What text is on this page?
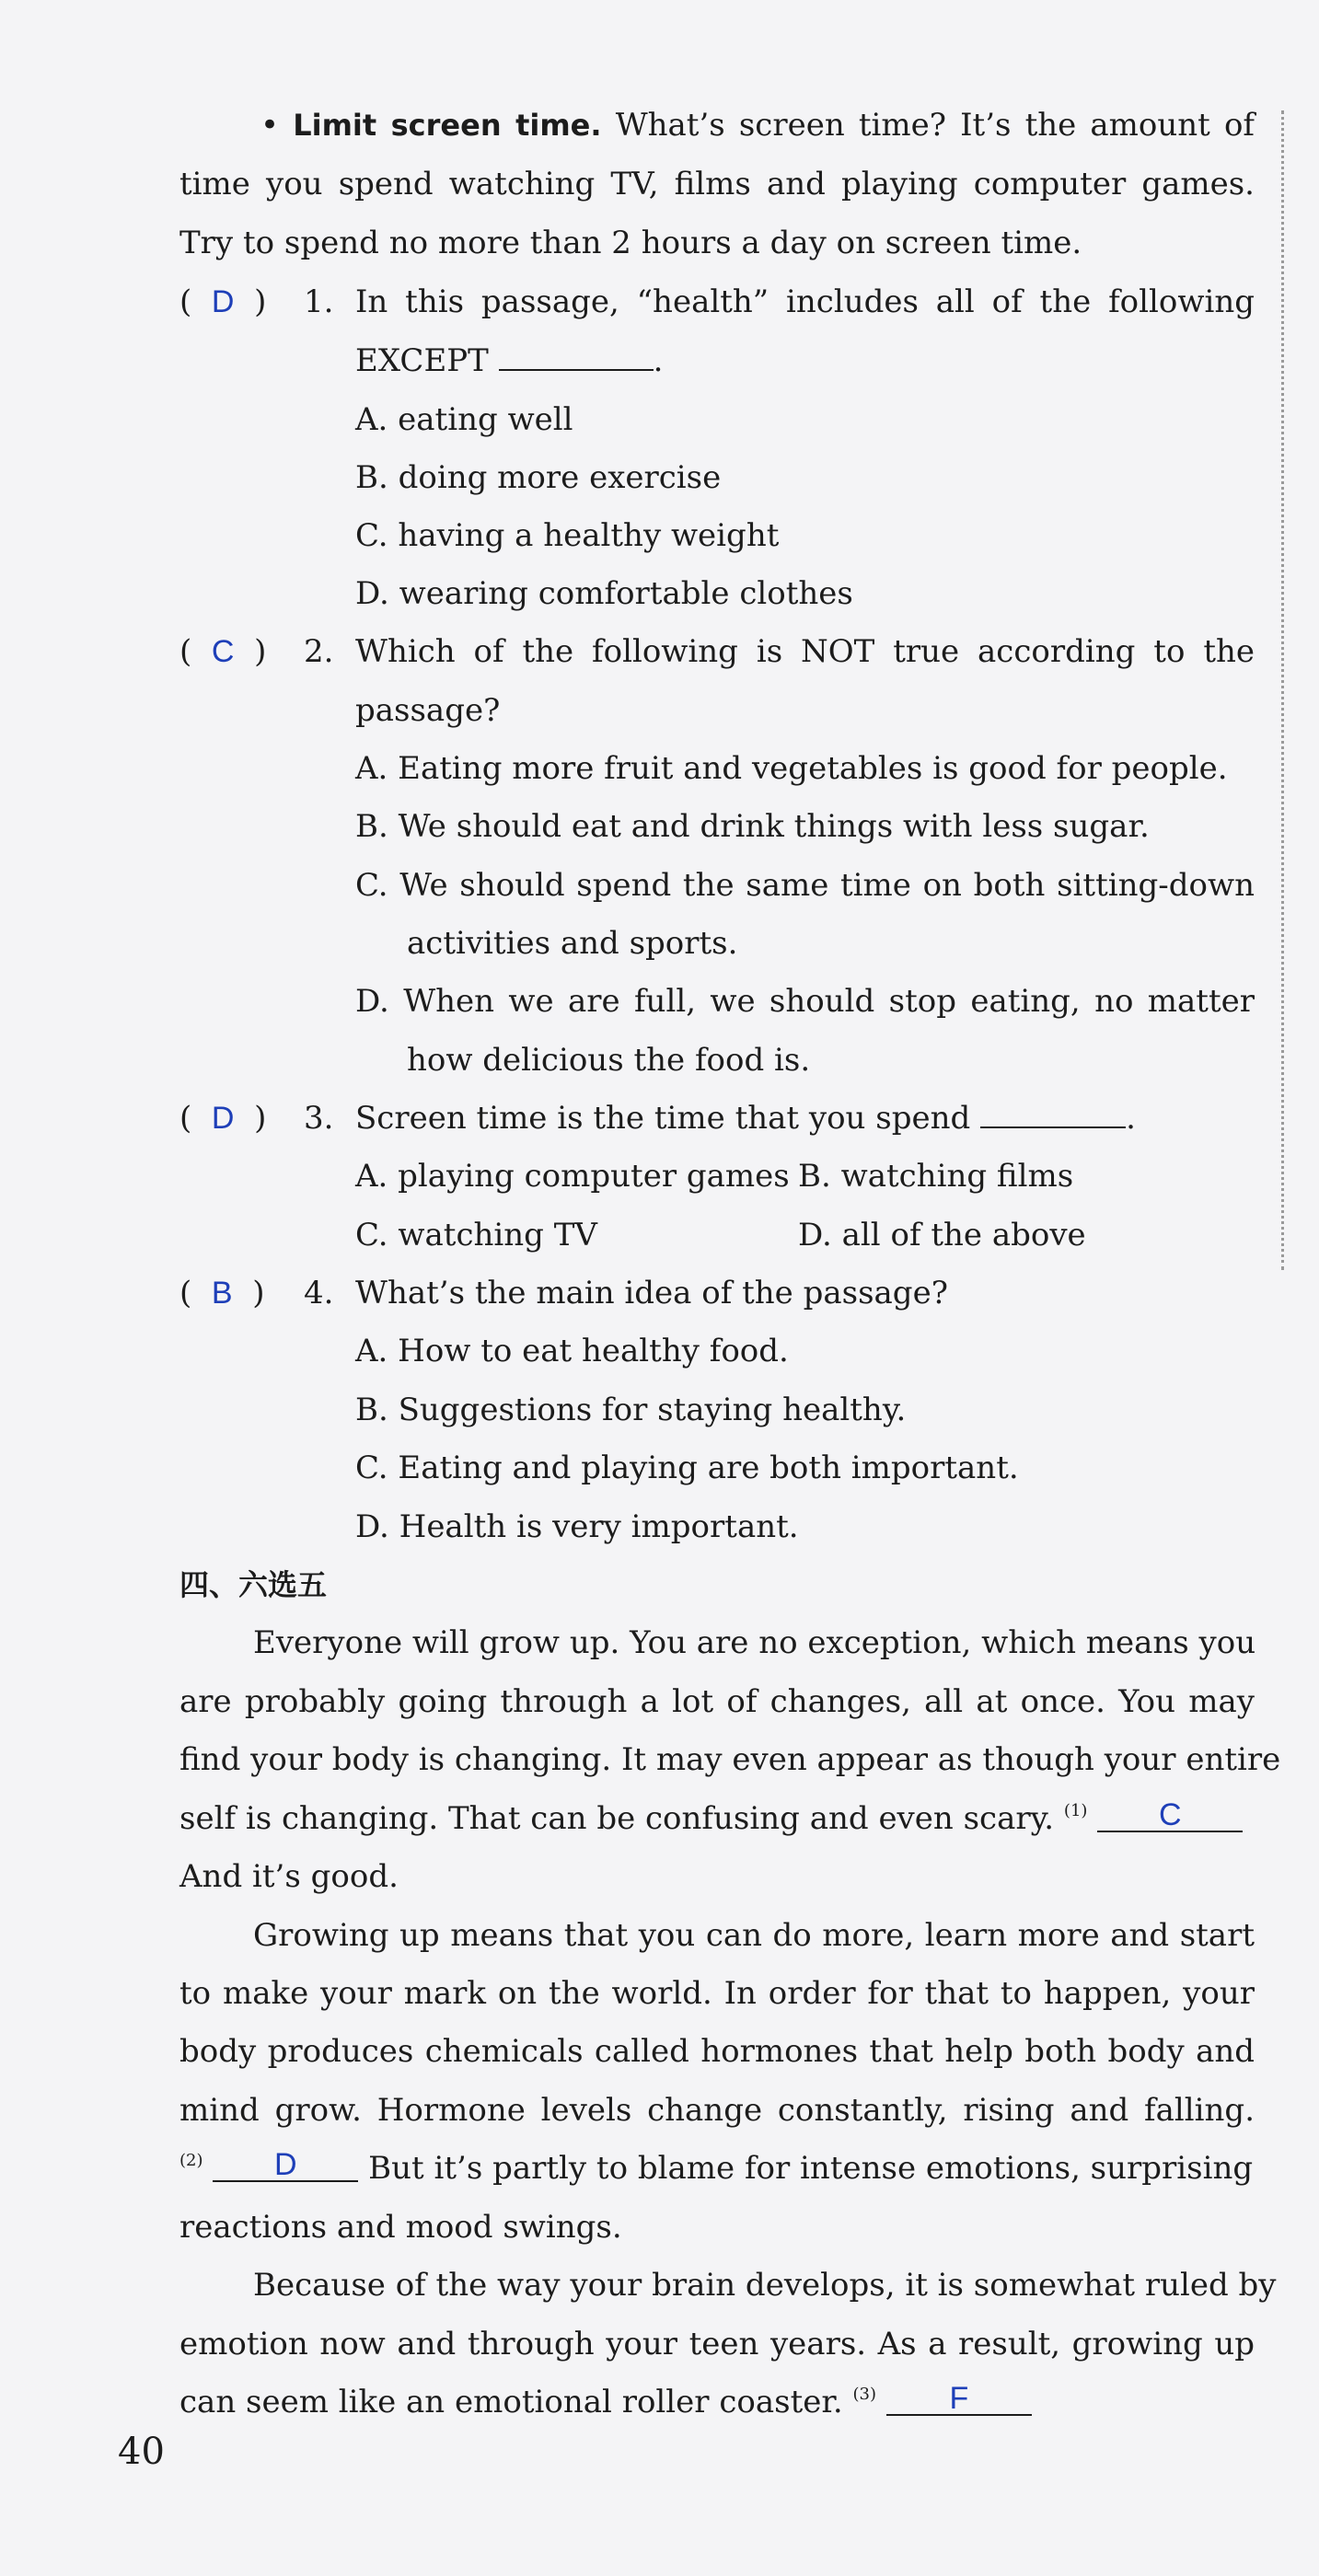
• Limit screen time. What’s screen time? It’s the amount of
time you spend watching TV, films and playing computer games.
Try to spend no more than 2 hours a day on screen time.
( D ) 1. In this passage, “health” includes all of the following
EXCEPT	.
A. eating well
B. doing more exercise
C. having a healthy weight
D. wearing comfortable clothes
( C ) 2. Which of the following is NOT true according to the
passage?
A. Eating more fruit and vegetables is good for people.
B. We should eat and drink things with less sugar.
C. We should spend the same time on both sitting-down
activities and sports.
D. When we are full, we should stop eating, no matter
how delicious the food is.
( D ) 3. Screen time is the time that you spend	.
A. playing computer games B. watching films
C. watching TV	D. all of the above
( B ) 4. What’s the main idea of the passage?
A. How to eat healthy food.
B. Suggestions for staying healthy.
C. Eating and playing are both important.
D. Health is very important.
四、六选五
Everyone will grow up. You are no exception, which means you
are probably going through a lot of changes, all at once. You may
find your body is changing. It may even appear as though your entire
self is changing. That can be confusing and even scary. $^{(1)}$ C
And it’s good.
Growing up means that you can do more, learn more and start
to make your mark on the world. In order for that to happen, your
body produces chemicals called hormones that help both body and
mind grow. Hormone levels change constantly, rising and falling.
$^{(2)}$ D But it’s partly to blame for intense emotions, surprising
reactions and mood swings.
Because of the way your brain develops, it is somewhat ruled by
emotion now and through your teen years. As a result, growing up
can seem like an emotional roller coaster. $^{(3)}$ F
40
